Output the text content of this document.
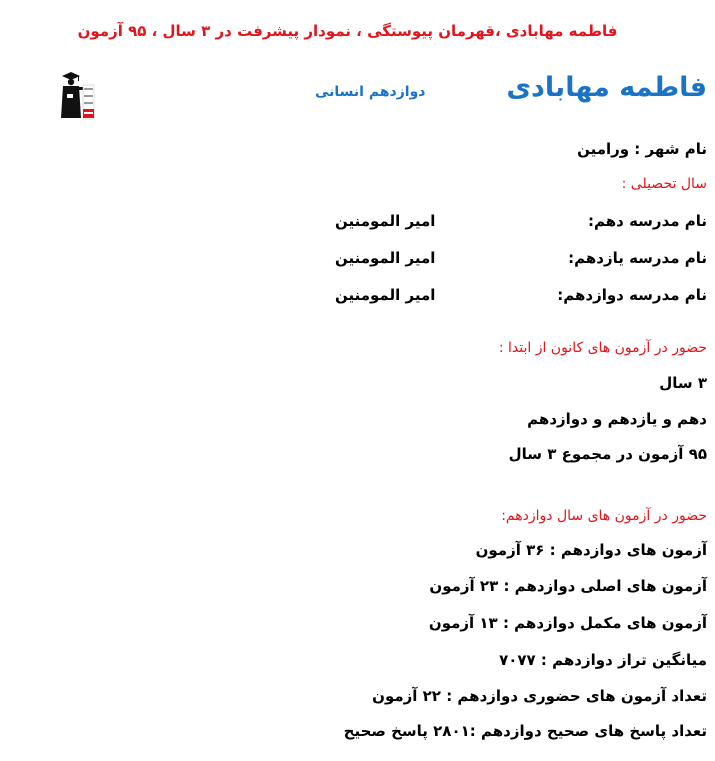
فاطمه مهابادی ،قهرمان پیوستگی ، نمودار پیشرفت در ۳ سال ، ۹۵ آزمون
فاطمه مهابادی
دوازدهم انسانی
نام شهر : ورامین
سال تحصیلی :
نام مدرسه دهم:
امیر المومنین
نام مدرسه یازدهم:
امیر المومنین
نام مدرسه دوازدهم:
امیر المومنین
حضور در آزمون های کانون از ابتدا :
۳ سال
دهم و یازدهم و دوازدهم
۹۵ آزمون در مجموع ۳ سال
حضور در آزمون های سال دوازدهم:
آزمون های دوازدهم : ۳۶ آزمون
آزمون های اصلی دوازدهم : ۲۳ آزمون
آزمون های مکمل دوازدهم : ۱۳ آزمون
میانگین تراز دوازدهم : ۷۰۷۷
تعداد آزمون های حضوری دوازدهم : ۲۲ آزمون
تعداد پاسخ های صحیح دوازدهم :۲۸۰۱ پاسخ صحیح
